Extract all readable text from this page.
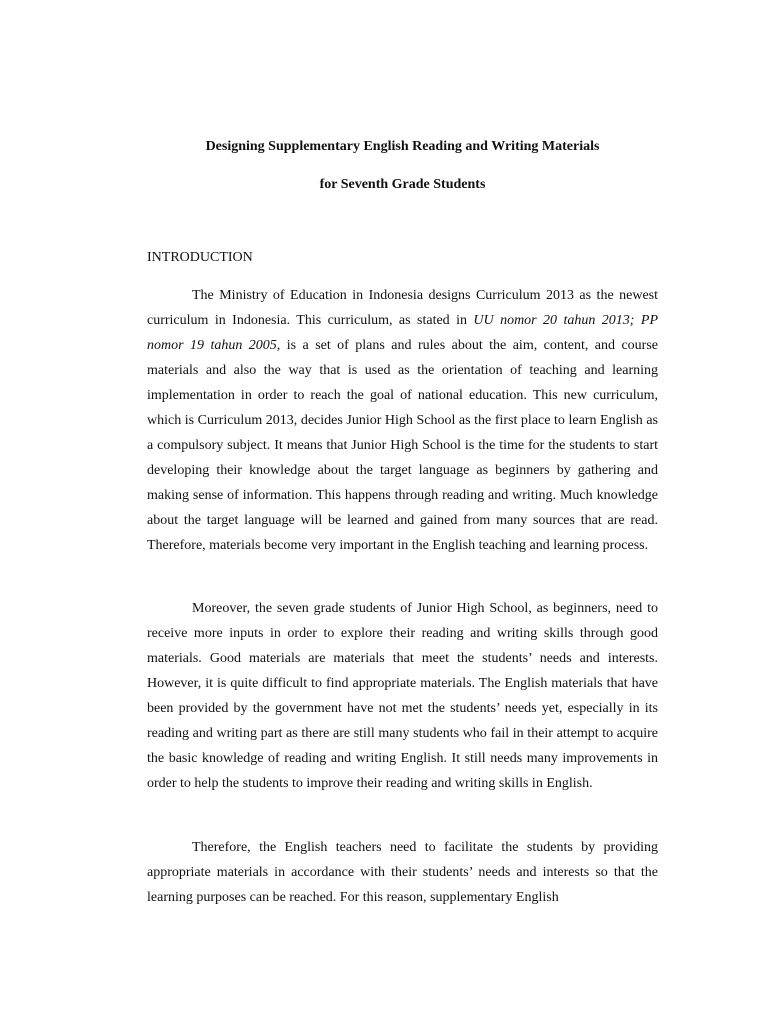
Designing Supplementary English Reading and Writing Materials

for Seventh Grade Students

INTRODUCTION

The Ministry of Education in Indonesia designs Curriculum 2013 as the newest curriculum in Indonesia. This curriculum, as stated in UU nomor 20 tahun 2013; PP nomor 19 tahun 2005, is a set of plans and rules about the aim, content, and course materials and also the way that is used as the orientation of teaching and learning implementation in order to reach the goal of national education. This new curriculum, which is Curriculum 2013, decides Junior High School as the first place to learn English as a compulsory subject. It means that Junior High School is the time for the students to start developing their knowledge about the target language as beginners by gathering and making sense of information. This happens through reading and writing. Much knowledge about the target language will be learned and gained from many sources that are read. Therefore, materials become very important in the English teaching and learning process.

Moreover, the seven grade students of Junior High School, as beginners, need to receive more inputs in order to explore their reading and writing skills through good materials. Good materials are materials that meet the students’ needs and interests. However, it is quite difficult to find appropriate materials. The English materials that have been provided by the government have not met the students’ needs yet, especially in its reading and writing part as there are still many students who fail in their attempt to acquire the basic knowledge of reading and writing English. It still needs many improvements in order to help the students to improve their reading and writing skills in English.

Therefore, the English teachers need to facilitate the students by providing appropriate materials in accordance with their students’ needs and interests so that the learning purposes can be reached. For this reason, supplementary English
